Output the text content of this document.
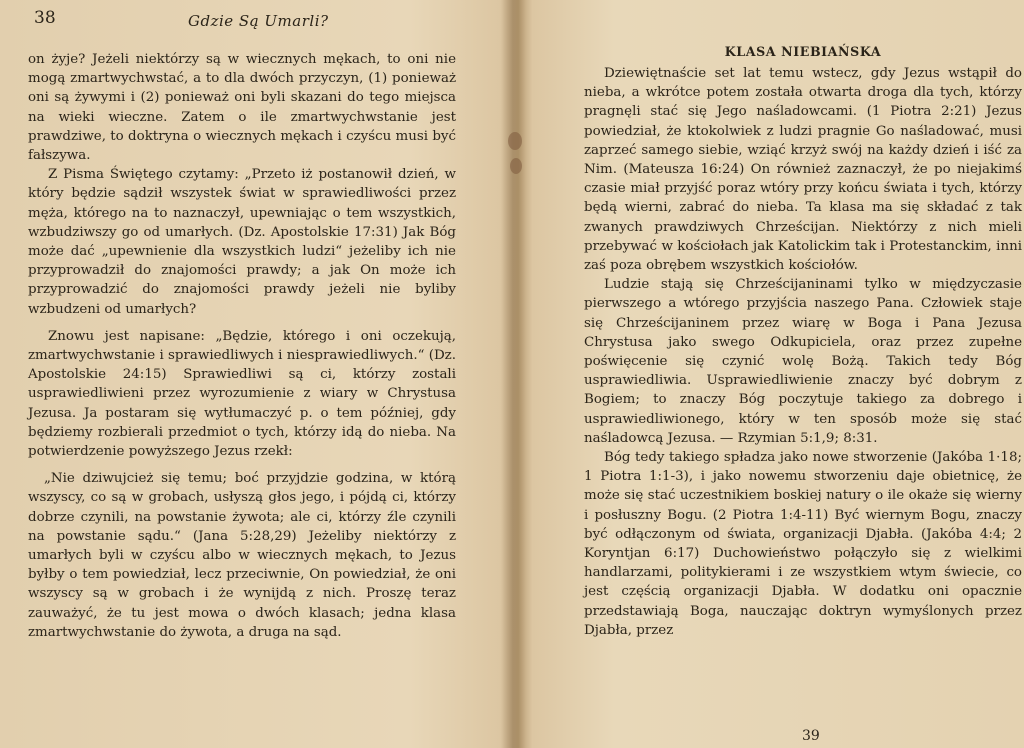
38	Gdzie Są Umarli?

on żyje? Jeżeli niektórzy są w wiecznych mękach, to oni nie mogą zmartwychwstać, a to dla dwóch przyczyn, (1) ponieważ oni są żywymi i (2) ponieważ oni byli skazani do tego miejsca na wieki wieczne. Zatem o ile zmartwychwstanie jest prawdziwe, to doktryna o wiecznych mękach i czyścu musi być fałszywa.

Z Pisma Świętego czytamy: „Przeto iż postanowił dzień, w który będzie sądził wszystek świat w sprawiedliwości przez męża, którego na to naznaczył, upewniając o tem wszystkich, wzbudziwszy go od umarłych. (Dz. Apostolskie 17:31) Jak Bóg może dać „upewnienie dla wszystkich ludzi“ jeżeliby ich nie przyprowadził do znajomości prawdy; a jak On może ich przyprowadzić do znajomości prawdy jeżeli nie byliby wzbudzeni od umarłych?

Znowu jest napisane: „Będzie, którego i oni oczekują, zmartwychwstanie i sprawiedliwych i niesprawiedliwych.“ (Dz. Apostolskie 24:15) Sprawiedliwi są ci, którzy zostali usprawiedliwieni przez wyrozumienie z wiary w Chrystusa Jezusa. Ja postaram się wytłumaczyć p. o tem później, gdy będziemy rozbierali przedmiot o tych, którzy idą do nieba. Na potwierdzenie powyższego Jezus rzekł:

„Nie dziwujcież się temu; boć przyjdzie godzina, w którą wszyscy, co są w grobach, usłyszą głos jego, i pójdą ci, którzy dobrze czynili, na powstanie żywota; ale ci, którzy źle czynili na powstanie sądu.“ (Jana 5:28,29) Jeżeliby niektórzy z umarłych byli w czyścu albo w wiecznych mękach, to Jezus byłby o tem powiedział, lecz przeciwnie, On powiedział, że oni wszyscy są w grobach i że wynijdą z nich. Proszę teraz zauważyć, że tu jest mowa o dwóch klasach; jedna klasa zmartwychwstanie do żywota, a druga na sąd.

KLASA NIEBIAŃSKA

Dziewiętnaście set lat temu wstecz, gdy Jezus wstąpił do nieba, a wkrótce potem została otwarta droga dla tych, którzy pragnęli stać się Jego naśladowcami. (1 Piotra 2:21) Jezus powiedział, że ktokolwiek z ludzi pragnie Go naśladować, musi zaprzeć samego siebie, wziąć krzyż swój na każdy dzień i iść za Nim. (Mateusza 16:24) On również zaznaczył, że po niejakimś czasie miał przyjść poraz wtóry przy końcu świata i tych, którzy będą wierni, zabrać do nieba. Ta klasa ma się składać z tak zwanych prawdziwych Chrześcijan. Niektórzy z nich mieli przebywać w kościołach jak Katolickim tak i Protestanckim, inni zaś poza obrębem wszystkich kościołów.

Ludzie stają się Chrześcijaninami tylko w międzyczasie pierwszego a wtórego przyjścia naszego Pana. Człowiek staje się Chrześcijaninem przez wiarę w Boga i Pana Jezusa Chrystusa jako swego Odkupiciela, oraz przez zupełne poświęcenie się czynić wolę Bożą. Takich tedy Bóg usprawiedliwia. Usprawiedliwienie znaczy być dobrym z Bogiem; to znaczy Bóg poczytuje takiego za dobrego i usprawiedliwionego, który w ten sposób może się stać naśladowcą Jezusa. — Rzymian 5:1,9; 8:31.

Bóg tedy takiego spładza jako nowe stworzenie (Jakóba 1·18; 1 Piotra 1:1-3), i jako nowemu stworzeniu daje obietnicę, że może się stać uczestnikiem boskiej natury o ile okaże się wierny i posłuszny Bogu. (2 Piotra 1:4-11) Być wiernym Bogu, znaczy być odłączonym od świata, organizacji Djabła. (Jakóba 4:4; 2 Koryntjan 6:17) Duchowieństwo połączyło się z wielkimi handlarzami, politykierami i ze wszystkiem wtym świecie, co jest częścią organizacji Djabła. W dodatku oni opacznie przedstawiają Boga, nauczając doktryn wymyślonych przez Djabła, przez

39
